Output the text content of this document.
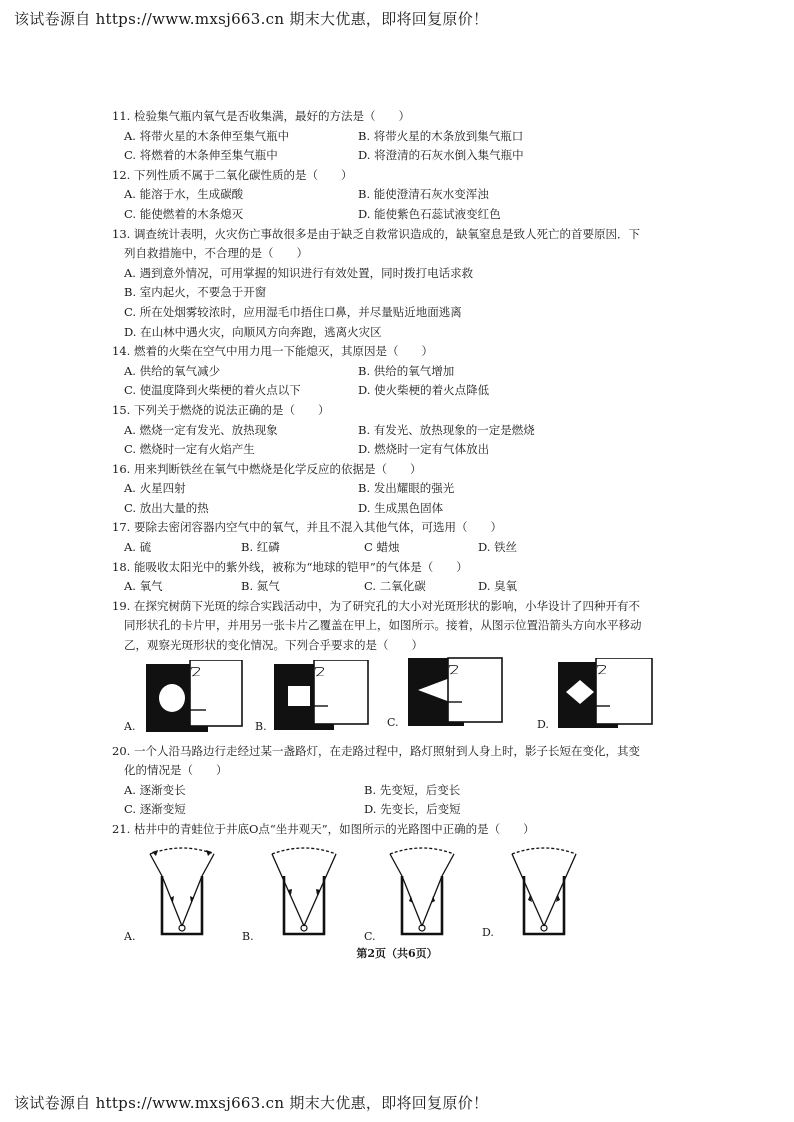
该试卷源自 https://www.mxsj663.cn 期末大优惠，即将回复原价！
11. 检验集气瓶内氧气是否收集满，最好的方法是（　　）
A. 将带火星的木条伸至集气瓶中	B. 将带火星的木条放到集气瓶口
C. 将燃着的木条伸至集气瓶中	D. 将澄清的石灰水倒入集气瓶中
12. 下列性质不属于二氧化碳性质的是（　　）
A. 能溶于水，生成碳酸	B. 能使澄清石灰水变浑浊
C. 能使燃着的木条熄灭	D. 能使紫色石蕊试液变红色
13. 调查统计表明，火灾伤亡事故很多是由于缺乏自救常识造成的，缺氧窒息是致人死亡的首要原因．下
列自救措施中，不合理的是（　　）
A. 遇到意外情况，可用掌握的知识进行有效处置，同时拨打电话求救
B. 室内起火，不要急于开窗
C. 所在处烟雾较浓时，应用湿毛巾捂住口鼻，并尽量贴近地面逃离
D. 在山林中遇火灾，向顺风方向奔跑，逃离火灾区
14. 燃着的火柴在空气中用力甩一下能熄灭，其原因是（　　）
A. 供给的氧气减少	B. 供给的氧气增加
C. 使温度降到火柴梗的着火点以下	D. 使火柴梗的着火点降低
15. 下列关于燃烧的说法正确的是（　　）
A. 燃烧一定有发光、放热现象	B. 有发光、放热现象的一定是燃烧
C. 燃烧时一定有火焰产生	D. 燃烧时一定有气体放出
16. 用来判断铁丝在氧气中燃烧是化学反应的依据是（　　）
A. 火星四射	B. 发出耀眼的强光
C. 放出大量的热	D. 生成黑色固体
17. 要除去密闭容器内空气中的氧气，并且不混入其他气体，可选用（　　）
A. 硫	B. 红磷	C 蜡烛	D. 铁丝
18. 能吸收太阳光中的紫外线，被称为“地球的铠甲”的气体是（　　）
A. 氧气	B. 氮气	C. 二氧化碳	D. 臭氧
19. 在探究树荫下光斑的综合实践活动中，为了研究孔的大小对光斑形状的影响，小华设计了四种开有不
同形状孔的卡片甲，并用另一张卡片乙覆盖在甲上，如图所示。接着，从图示位置沿箭头方向水平移动
乙，观察光斑形状的变化情况。下列合乎要求的是（　　）
A.
乙
B.
乙
C.
乙
D.
乙
20. 一个人沿马路边行走经过某一盏路灯，在走路过程中，路灯照射到人身上时，影子长短在变化，其变
化的情况是（　　）
A. 逐渐变长	B. 先变短，后变长
C. 逐渐变短	D. 先变长，后变短
21. 枯井中的青蛙位于井底O点“坐井观天”，如图所示的光路图中正确的是（　　）
A.	B.	C.	D.
第2页（共6页）
该试卷源自 https://www.mxsj663.cn 期末大优惠，即将回复原价！
